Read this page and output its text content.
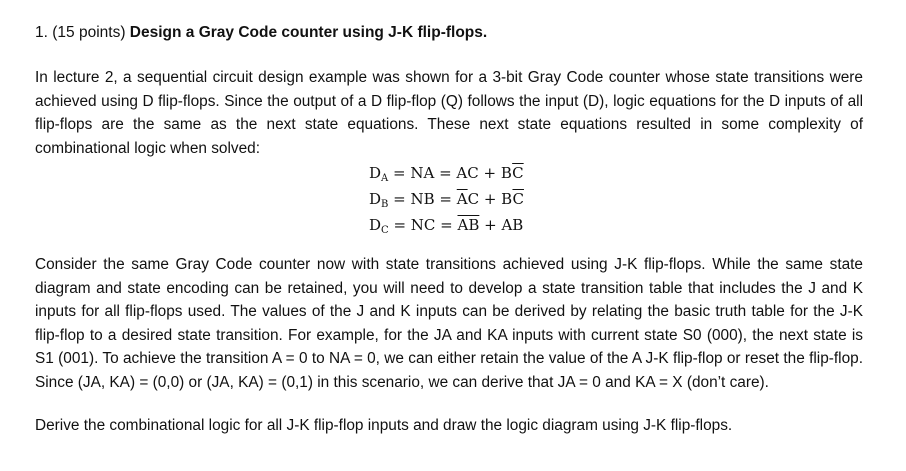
1. (15 points) Design a Gray Code counter using J-K flip-flops.
In lecture 2, a sequential circuit design example was shown for a 3-bit Gray Code counter whose state transitions were achieved using D flip-flops. Since the output of a D flip-flop (Q) follows the input (D), logic equations for the D inputs of all flip-flops are the same as the next state equations. These next state equations resulted in some complexity of combinational logic when solved:
$D_A$ = NA = AC + $B\overline{C}$
$D_B$ = NB = $\overline{A}C + B\overline{C}$
$D_C$ = NC = $\overline{AB}$ + AB
Consider the same Gray Code counter now with state transitions achieved using J-K flip-flops. While the same state diagram and state encoding can be retained, you will need to develop a state transition table that includes the J and K inputs for all flip-flops used. The values of the J and K inputs can be derived by relating the basic truth table for the J-K flip-flop to a desired state transition. For example, for the JA and KA inputs with current state S0 (000), the next state is S1 (001). To achieve the transition A = 0 to NA = 0, we can either retain the value of the A J-K flip-flop or reset the flip-flop. Since (JA, KA) = (0,0) or (JA, KA) = (0,1) in this scenario, we can derive that JA = 0 and KA = X (don’t care).
Derive the combinational logic for all J-K flip-flop inputs and draw the logic diagram using J-K flip-flops.
